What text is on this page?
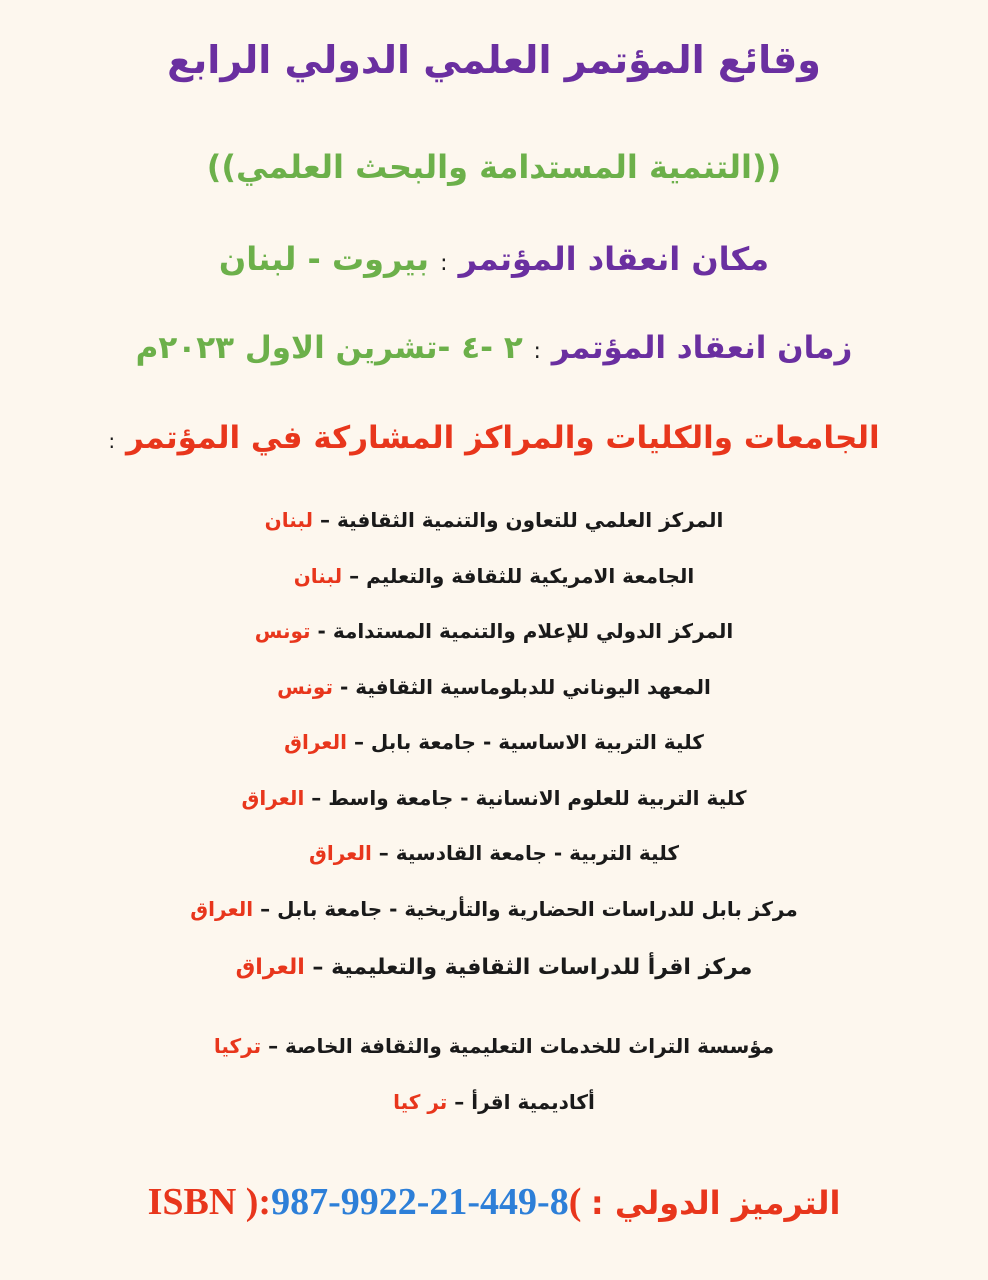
وقائع المؤتمر العلمي الدولي الرابع
((التنمية المستدامة والبحث العلمي))
مكان انعقاد المؤتمر : بيروت - لبنان
زمان انعقاد المؤتمر : ٢ -٤ -تشرين الاول ٢٠٢٣م
الجامعات والكليات والمراكز المشاركة في المؤتمر :
المركز العلمي للتعاون والتنمية الثقافية – لبنان
الجامعة الامريكية للثقافة والتعليم – لبنان
المركز الدولي للإعلام والتنمية المستدامة - تونس
المعهد اليوناني للدبلوماسية الثقافية - تونس
كلية التربية الاساسية - جامعة بابل – العراق
كلية التربية للعلوم الانسانية - جامعة واسط – العراق
كلية التربية - جامعة القادسية – العراق
مركز بابل للدراسات الحضارية والتأريخية - جامعة بابل – العراق
مركز اقرأ للدراسات الثقافية والتعليمية – العراق
مؤسسة التراث للخدمات التعليمية والثقافة الخاصة – تركيا
أكاديمية اقرأ – تر كيا
ISBN ):987-9922-21-449-8( الترميز الدولي :
